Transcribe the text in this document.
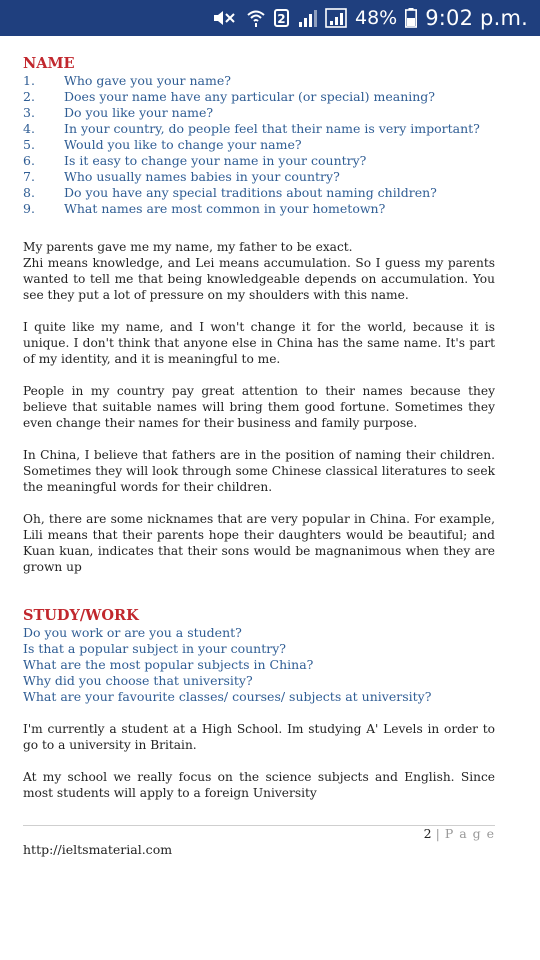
2	48% 9:02 p.m.
NAME
1.	Who gave you your name?
2.	Does your name have any particular (or special) meaning?
3.	Do you like your name?
4.	In your country, do people feel that their name is very important?
5.	Would you like to change your name?
6.	Is it easy to change your name in your country?
7.	Who usually names babies in your country?
8.	Do you have any special traditions about naming children?
9.	What names are most common in your hometown?

My parents gave me my name, my father to be exact.

Zhi means knowledge, and Lei means accumulation. So I guess my parents wanted to tell me that being knowledgeable depends on accumulation. You see they put a lot of pressure on my shoulders with this name.

I quite like my name, and I won't change it for the world, because it is unique. I don't think that anyone else in China has the same name. It's part of my identity, and it is meaningful to me.

People in my country pay great attention to their names because they believe that suitable names will bring them good fortune. Sometimes they even change their names for their business and family purpose.

In China, I believe that fathers are in the position of naming their children. Sometimes they will look through some Chinese classical literatures to seek the meaningful words for their children.

Oh, there are some nicknames that are very popular in China. For example, Lili means that their parents hope their daughters would be beautiful; and Kuan kuan, indicates that their sons would be magnanimous when they are grown up

STUDY/WORK
Do you work or are you a student?
Is that a popular subject in your country?
What are the most popular subjects in China?
Why did you choose that university?
What are your favourite classes/ courses/ subjects at university?

I'm currently a student at a High School. Im studying A' Levels in order to go to a university in Britain.

At my school we really focus on the science subjects and English. Since most students will apply to a foreign University

2 | P a g e
http://ieltsmaterial.com
